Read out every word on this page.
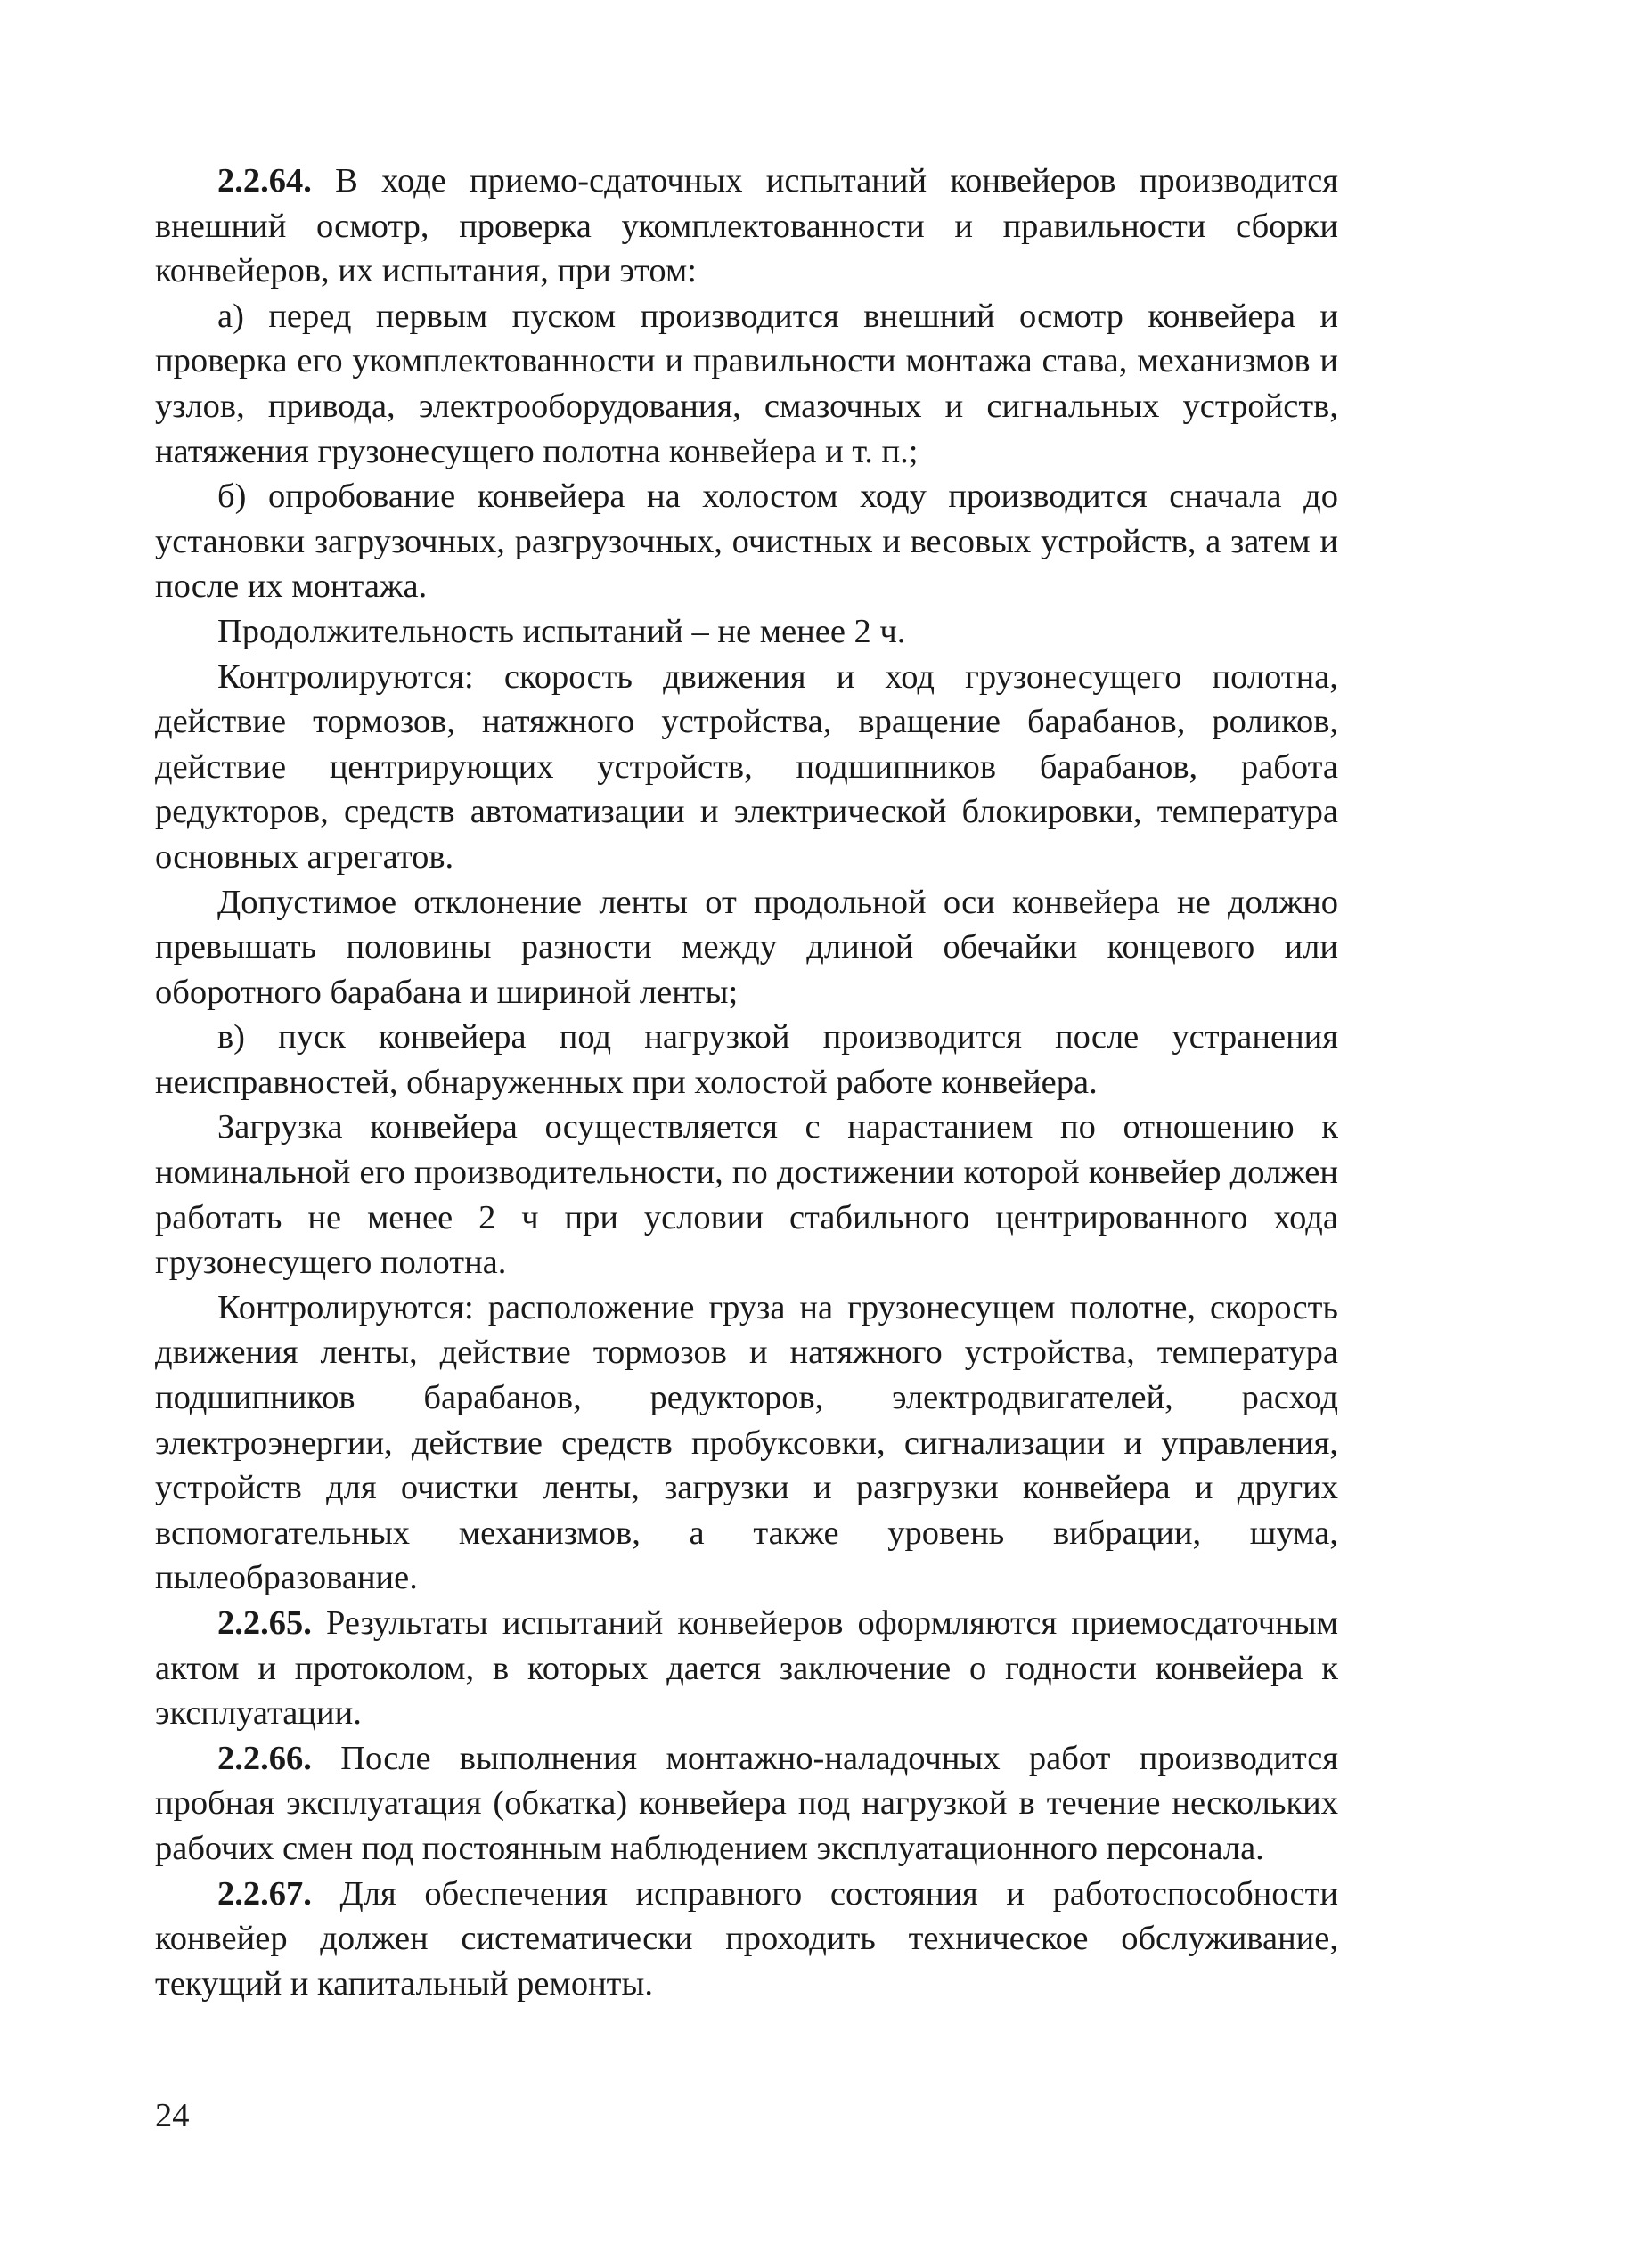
2.2.64. В ходе приемо-сдаточных испытаний конвейеров производится внешний осмотр, проверка укомплектованности и правильности сборки конвейеров, их испытания, при этом:

а) перед первым пуском производится внешний осмотр конвейера и проверка его укомплектованности и правильности монтажа става, механизмов и узлов, привода, электрооборудования, смазочных и сигнальных устройств, натяжения грузонесущего полотна конвейера и т. п.;

б) опробование конвейера на холостом ходу производится сначала до установки загрузочных, разгрузочных, очистных и весовых устройств, а затем и после их монтажа.

Продолжительность испытаний – не менее 2 ч.

Контролируются: скорость движения и ход грузонесущего полотна, действие тормозов, натяжного устройства, вращение барабанов, роликов, действие центрирующих устройств, подшипников барабанов, работа редукторов, средств автоматизации и электрической блокировки, температура основных агрегатов.

Допустимое отклонение ленты от продольной оси конвейера не должно превышать половины разности между длиной обечайки концевого или оборотного барабана и шириной ленты;

в) пуск конвейера под нагрузкой производится после устранения неисправностей, обнаруженных при холостой работе конвейера.

Загрузка конвейера осуществляется с нарастанием по отношению к номинальной его производительности, по достижении которой конвейер должен работать не менее 2 ч при условии стабильного центрированного хода грузонесущего полотна.

Контролируются: расположение груза на грузонесущем полотне, скорость движения ленты, действие тормозов и натяжного устройства, температура подшипников барабанов, редукторов, электродвигателей, расход электроэнергии, действие средств пробуксовки, сигнализации и управления, устройств для очистки ленты, загрузки и разгрузки конвейера и других вспомогательных механизмов, а также уровень вибрации, шума, пылеобразование.

2.2.65. Результаты испытаний конвейеров оформляются приемосдаточным актом и протоколом, в которых дается заключение о годности конвейера к эксплуатации.

2.2.66. После выполнения монтажно-наладочных работ производится пробная эксплуатация (обкатка) конвейера под нагрузкой в течение нескольких рабочих смен под постоянным наблюдением эксплуатационного персонала.

2.2.67. Для обеспечения исправного состояния и работоспособности конвейер должен систематически проходить техническое обслуживание, текущий и капитальный ремонты.

24
